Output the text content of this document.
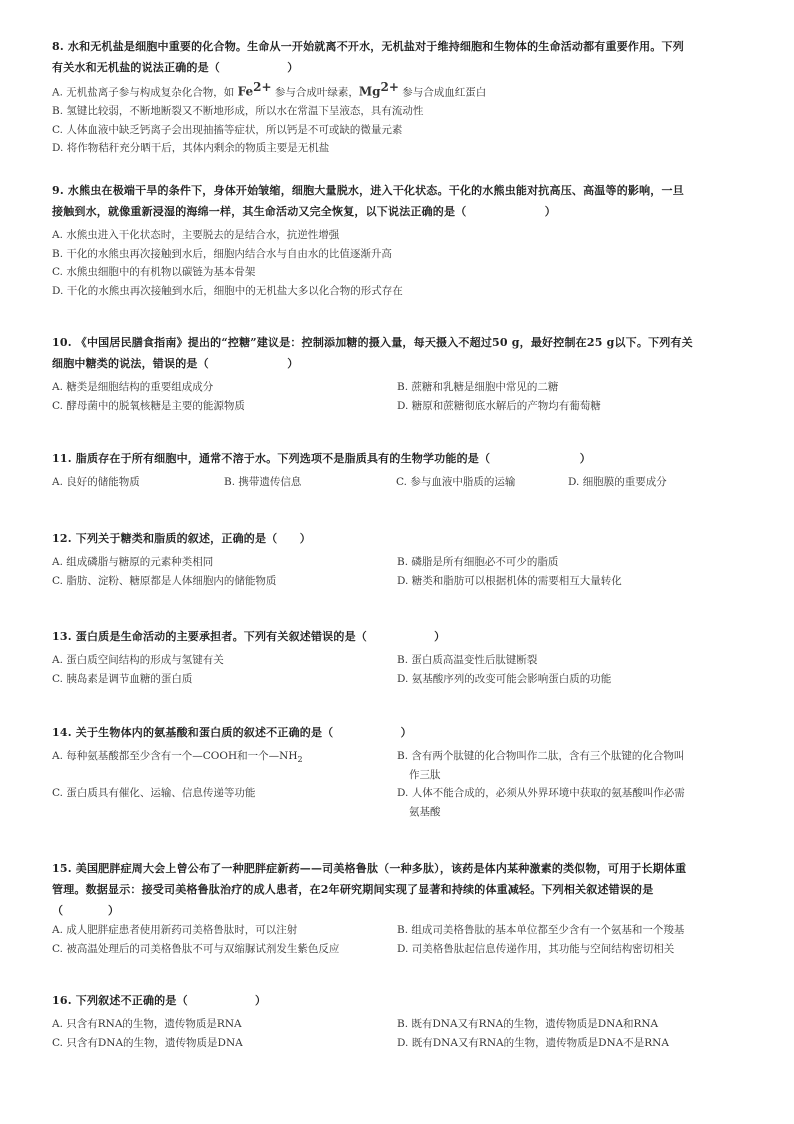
8. 水和无机盐是细胞中重要的化合物。生命从一开始就离不开水，无机盐对于维持细胞和生物体的生命活动都有重要作用。下列
有关水和无机盐的说法正确的是（　　　　　　）
A. 无机盐离子参与构成复杂化合物，如 Fe2+ 参与合成叶绿素，Mg2+ 参与合成血红蛋白
B. 氢键比较弱，不断地断裂又不断地形成，所以水在常温下呈液态，具有流动性
C. 人体血液中缺乏钙离子会出现抽搐等症状，所以钙是不可或缺的微量元素
D. 将作物秸秆充分晒干后，其体内剩余的物质主要是无机盐
9. 水熊虫在极端干旱的条件下，身体开始皱缩，细胞大量脱水，进入干化状态。干化的水熊虫能对抗高压、高温等的影响，一旦
接触到水，就像重新浸湿的海绵一样，其生命活动又完全恢复，以下说法正确的是（　　　　　　　）
A. 水熊虫进入干化状态时，主要脱去的是结合水，抗逆性增强
B. 干化的水熊虫再次接触到水后，细胞内结合水与自由水的比值逐渐升高
C. 水熊虫细胞中的有机物以碳链为基本骨架
D. 干化的水熊虫再次接触到水后，细胞中的无机盐大多以化合物的形式存在
10. 《中国居民膳食指南》提出的“控糖”建议是：控制添加糖的摄入量，每天摄入不超过50 g，最好控制在25 g以下。下列有关
细胞中糖类的说法，错误的是（　　　　　　　）
A. 糖类是细胞结构的重要组成成分	B. 蔗糖和乳糖是细胞中常见的二糖
C. 酵母菌中的脱氧核糖是主要的能源物质	D. 糖原和蔗糖彻底水解后的产物均有葡萄糖
11. 脂质存在于所有细胞中，通常不溶于水。下列选项不是脂质具有的生物学功能的是（　　　　　　　　）
A. 良好的储能物质	B. 携带遗传信息	C. 参与血液中脂质的运输	D. 细胞膜的重要成分
12. 下列关于糖类和脂质的叙述，正确的是（　　）
A. 组成磷脂与糖原的元素种类相同	B. 磷脂是所有细胞必不可少的脂质
C. 脂肪、淀粉、糖原都是人体细胞内的储能物质	D. 糖类和脂肪可以根据机体的需要相互大量转化
13. 蛋白质是生命活动的主要承担者。下列有关叙述错误的是（　　　　　　）
A. 蛋白质空间结构的形成与氢键有关	B. 蛋白质高温变性后肽键断裂
C. 胰岛素是调节血糖的蛋白质	D. 氨基酸序列的改变可能会影响蛋白质的功能
14. 关于生物体内的氨基酸和蛋白质的叙述不正确的是（　　　　　　）
A. 每种氨基酸都至少含有一个—COOH和一个$—NH_2$	B. 含有两个肽键的化合物叫作二肽，含有三个肽键的化合物叫
作三肽
C. 蛋白质具有催化、运输、信息传递等功能	D. 人体不能合成的，必须从外界环境中获取的氨基酸叫作必需
氨基酸
15. 美国肥胖症周大会上曾公布了一种肥胖症新药——司美格鲁肽（一种多肽），该药是体内某种激素的类似物，可用于长期体重
管理。数据显示：接受司美格鲁肽治疗的成人患者，在2年研究期间实现了显著和持续的体重减轻。下列相关叙述错误的是
（　　　　）
A. 成人肥胖症患者使用新药司美格鲁肽时，可以注射	B. 组成司美格鲁肽的基本单位都至少含有一个氨基和一个羧基
C. 被高温处理后的司美格鲁肽不可与双缩脲试剂发生紫色反应	D. 司美格鲁肽起信息传递作用，其功能与空间结构密切相关
16. 下列叙述不正确的是（　　　　　　）
A. 只含有RNA的生物，遗传物质是RNA	B. 既有DNA又有RNA的生物，遗传物质是DNA和RNA
C. 只含有DNA的生物，遗传物质是DNA	D. 既有DNA又有RNA的生物，遗传物质是DNA不是RNA
